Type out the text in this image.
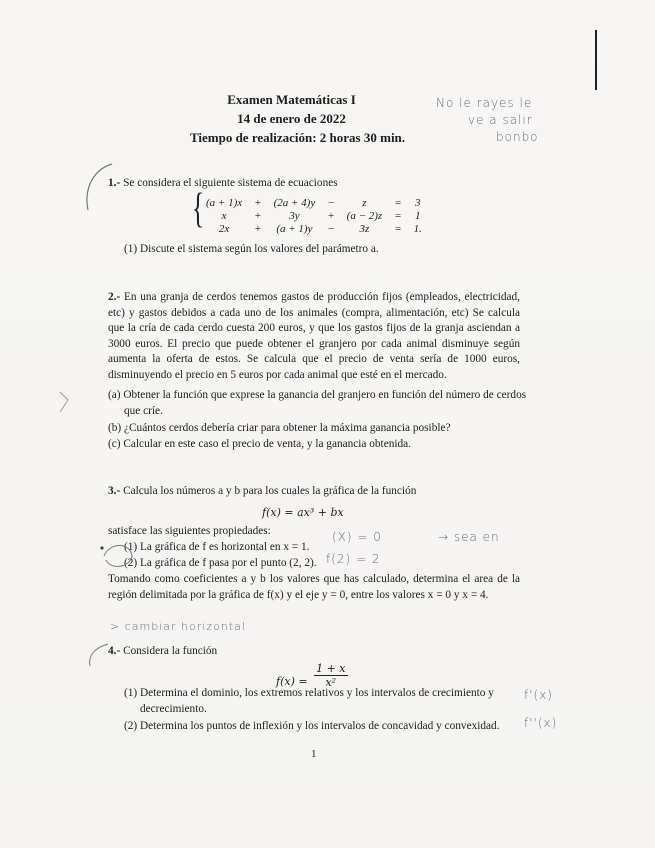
Examen Matemáticas I
14 de enero de 2022
Tiempo de realización: 2 horas 30 min.
No le rayes le
ve a salir
bonbo
1.- Se considera el siguiente sistema de ecuaciones
{ (a + 1)x	+	(2a + 4)y	−	z	=	3
x	+	3y	+	(a − 2)z	=	1
2x	+	(a + 1)y	−	3z	=	1.
(1) Discute el sistema según los valores del parámetro a.
2.- En una granja de cerdos tenemos gastos de producción fijos (empleados, electricidad, etc) y gastos debidos a cada uno de los animales (compra, alimentación, etc) Se calcula que la cría de cada cerdo cuesta 200 euros, y que los gastos fijos de la granja asciendan a 3000 euros. El precio que puede obtener el granjero por cada animal disminuye según aumenta la oferta de estos. Se calcula que el precio de venta sería de 1000 euros, disminuyendo el precio en 5 euros por cada animal que esté en el mercado.
(a) Obtener la función que exprese la ganancia del granjero en función del número de cerdos que críe.
(b) ¿Cuántos cerdos debería criar para obtener la máxima ganancia posible?
(c) Calcular en este caso el precio de venta, y la ganancia obtenida.
3.- Calcula los números a y b para los cuales la gráfica de la función
f(x) = ax³ + bx
satisface las siguientes propiedades:
(1) La gráfica de f es horizontal en x = 1.
(2) La gráfica de f pasa por el punto (2, 2).
Tomando como coeficientes a y b los valores que has calculado, determina el area de la región delimitada por la gráfica de f(x) y el eje y = 0, entre los valores x = 0 y x = 4.
(X) = 0	→ sea en
f(2) = 2
> cambiar horizontal
4.- Considera la función
$f(x) = \frac{1 + x}{\text{x²}}$
(1) Determina el dominio, los extremos relativos y los intervalos de crecimiento y decrecimiento.
(2) Determina los puntos de inflexión y los intervalos de concavidad y convexidad.
f'(x)
f''(x)
1
